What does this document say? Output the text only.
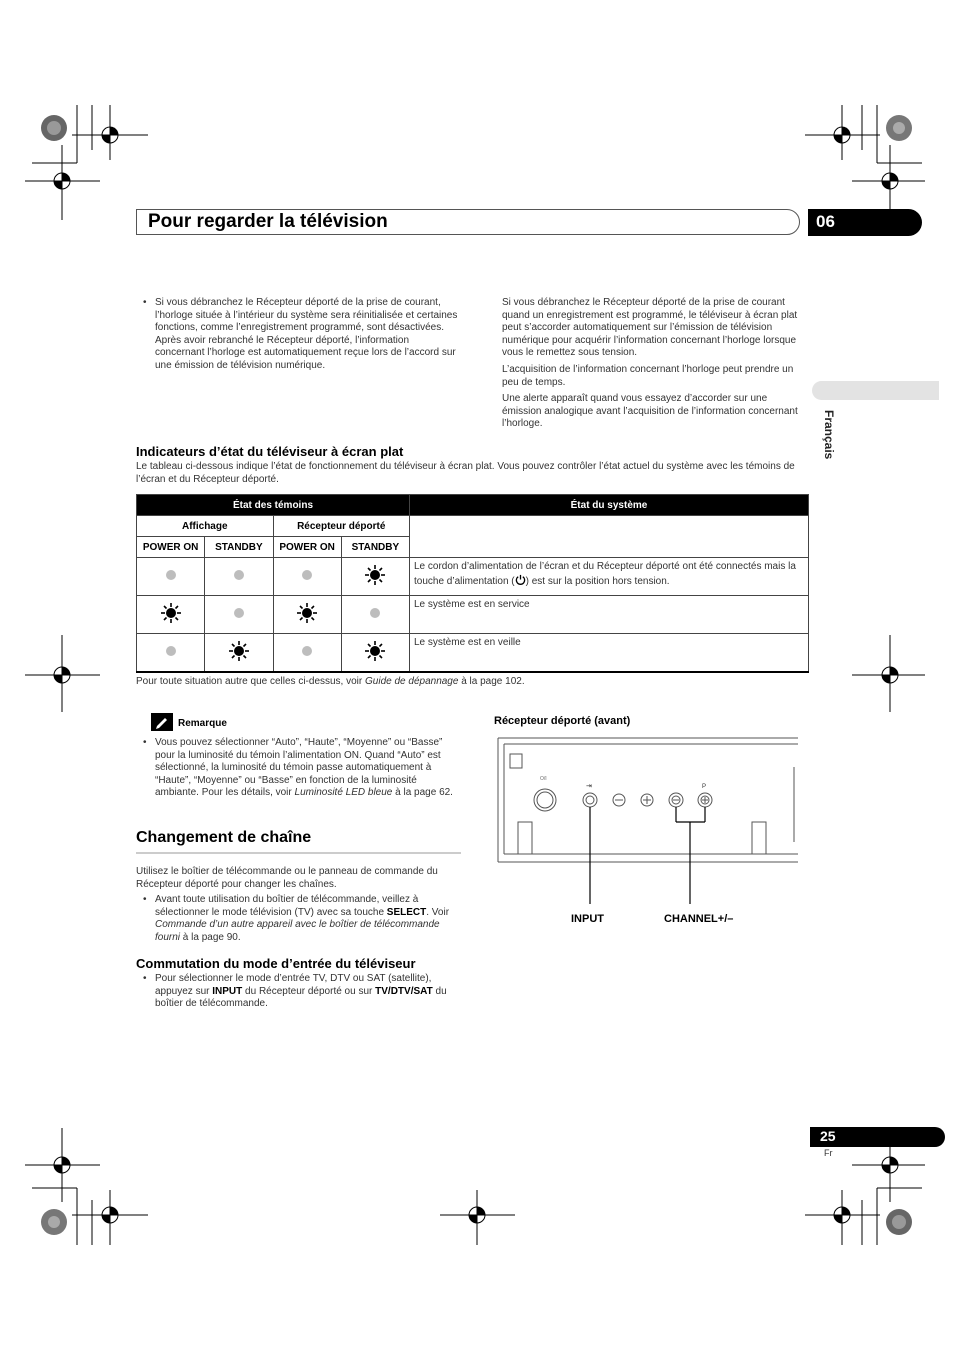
Pour regarder la télévision	06
Français
• Si vous débranchez le Récepteur déporté de la prise de courant, l’horloge située à l’intérieur du système sera réinitialisée et certaines fonctions, comme l’enregistrement programmé, sont désactivées. Après avoir rebranché le Récepteur déporté, l’information concernant l’horloge est automatiquement reçue lors de l’accord sur une émission de télévision numérique.
Si vous débranchez le Récepteur déporté de la prise de courant quand un enregistrement est programmé, le téléviseur à écran plat peut s’accorder automatiquement sur l’émission de télévision numérique pour acquérir l’information concernant l’horloge lorsque vous le remettez sous tension.
L’acquisition de l’information concernant l’horloge peut prendre un peu de temps.
Une alerte apparaît quand vous essayez d’accorder sur une émission analogique avant l’acquisition de l’information concernant l’horloge.
Indicateurs d’état du téléviseur à écran plat
Le tableau ci-dessous indique l’état de fonctionnement du téléviseur à écran plat. Vous pouvez contrôler l’état actuel du système avec les témoins de l’écran et du Récepteur déporté.
État des témoins				État du système
Affichage		Récepteur déporté		
POWER ON	STANDBY	POWER ON	STANDBY	
				Le cordon d’alimentation de l’écran et du Récepteur déporté ont été connectés mais la touche d’alimentation ( ) est sur la position hors tension.
				Le système est en service
				Le système est en veille
Pour toute situation autre que celles ci-dessus, voir Guide de dépannage à la page 102.
Remarque
• Vous pouvez sélectionner “Auto”, “Haute”, “Moyenne” ou “Basse” pour la luminosité du témoin l’alimentation ON. Quand “Auto” est sélectionné, la luminosité du témoin passe automatiquement à “Haute”, “Moyenne” ou “Basse” en fonction de la luminosité ambiante. Pour les détails, voir Luminosité LED bleue à la page 62.
Changement de chaîne
Utilisez le boîtier de télécommande ou le panneau de commande du Récepteur déporté pour changer les chaînes.
• Avant toute utilisation du boîtier de télécommande, veillez à sélectionner le mode télévision (TV) avec sa touche SELECT. Voir Commande d’un autre appareil avec le boîtier de télécommande fourni à la page 90.
Commutation du mode d’entrée du téléviseur
• Pour sélectionner le mode d’entrée TV, DTV ou SAT (satellite), appuyez sur INPUT du Récepteur déporté ou sur TV/DTV/SAT du boîtier de télécommande.
Récepteur déporté (avant)
O/I
⇥	P
INPUT	CHANNEL+/–
25
Fr
